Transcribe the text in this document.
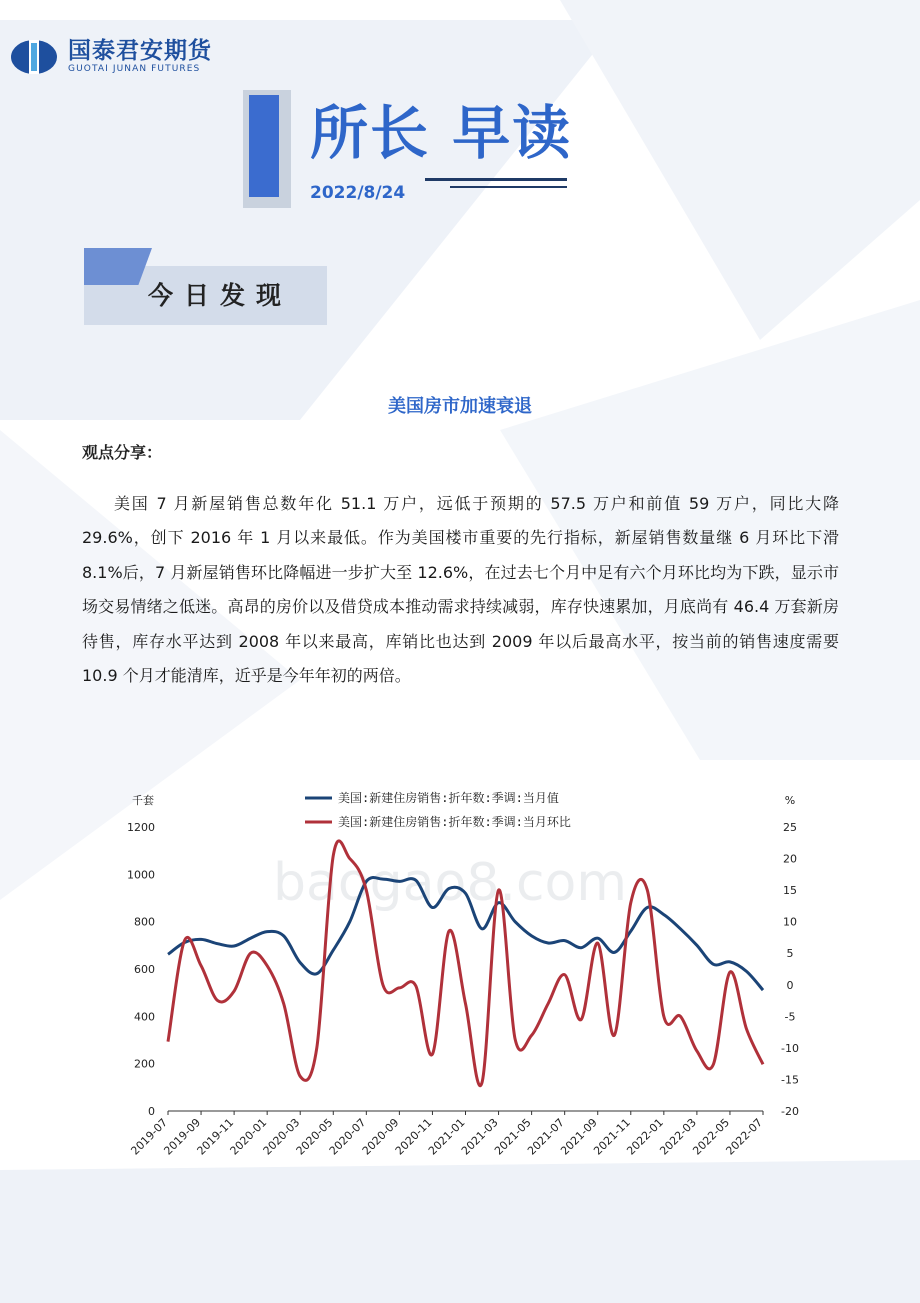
国泰君安期货
GUOTAI JUNAN FUTURES
所长 早读
2022/8/24
今日发现
美国房市加速衰退
观点分享：

美国 7 月新屋销售总数年化 51.1 万户，远低于预期的 57.5 万户和前值 59 万户，同比大降 29.6%，创下 2016 年 1 月以来最低。作为美国楼市重要的先行指标，新屋销售数量继 6 月环比下滑 8.1%后，7 月新屋销售环比降幅进一步扩大至 12.6%，在过去七个月中足有六个月环比均为下跌，显示市场交易情绪之低迷。高昂的房价以及借贷成本推动需求持续减弱，库存快速累加，月底尚有 46.4 万套新房待售，库存水平达到 2008 年以来最高，库销比也达到 2009 年以后最高水平，按当前的销售速度需要 10.9 个月才能清库，近乎是今年年初的两倍。

baogao8.com
千套	%
0
200
400
600
800
1000
1200
-20
-15
-10
-5
0
5
10
15
20
25
2019-07
2019-09
2019-11
2020-01
2020-03
2020-05
2020-07
2020-09
2020-11
2021-01
2021-03
2021-05
2021-07
2021-09
2021-11
2022-01
2022-03
2022-05
2022-07
美国:新建住房销售:折年数:季调:当月值
美国:新建住房销售:折年数:季调:当月环比
